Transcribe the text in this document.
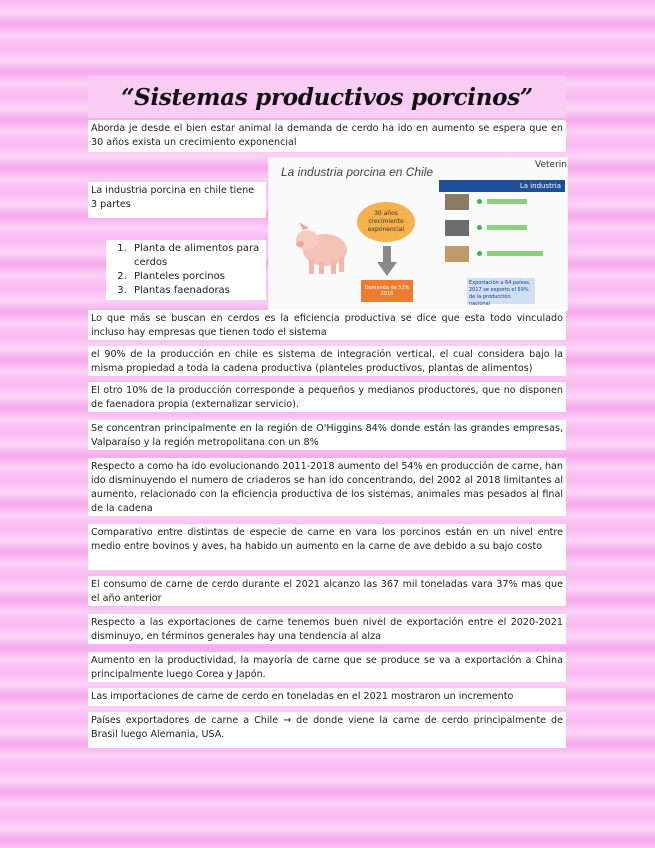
“Sistemas productivos porcinos”

Aborda je desde el bien estar animal la demanda de cerdo ha ido en aumento se espera que en 30 años exista un crecimiento exponencial

La industria porcina en chile tiene 3 partes

1. Planta de alimentos para cerdos
2. Planteles porcinos
3. Plantas faenadoras
La industria porcina en Chile	Veterin
30 años crecimiento exponencial
Demanda de 53% 2016
La industria
Exportación a 64 países, 2017 se exporto el 59% de la producción nacional

Lo que más se buscan en cerdos es la eficiencia productiva se dice que esta todo vinculado incluso hay empresas que tienen todo el sistema

el 90% de la producción en chile es sistema de integración vertical, el cual considera bajo la misma propiedad a toda la cadena productiva (planteles productivos, plantas de alimentos)

El otro 10% de la producción corresponde a pequeños y medianos productores, que no disponen de faenadora propia (externalizar servicio).

Se concentran principalmente en la región de O'Higgins 84% donde están las grandes empresas, Valparaíso y la región metropolitana con un 8%

Respecto a como ha ido evolucionando 2011-2018 aumento del 54% en producción de carne, han ido disminuyendo el numero de criaderos se han ido concentrando, del 2002 al 2018 limitantes al aumento, relacionado con la eficiencia productiva de los sistemas, animales mas pesados al final de la cadena

Comparativo entre distintas de especie de carne en vara los porcinos están en un nivel entre medio entre bovinos y aves, ha habido un aumento en la carne de ave debido a su bajo costo

El consumo de carne de cerdo durante el 2021 alcanzo las 367 mil toneladas vara 37% mas que el año anterior

Respecto a las exportaciones de carne tenemos buen nivel de exportación entre el 2020-2021 disminuyo, en términos generales hay una tendencia al alza

Aumento en la productividad, la mayoría de carne que se produce se va a exportación a China principalmente luego Corea y Japón.

Las importaciones de carne de cerdo en toneladas en el 2021 mostraron un incremento

Países exportadores de carne a Chile → de donde viene la carne de cerdo principalmente de Brasil luego Alemania, USA.
